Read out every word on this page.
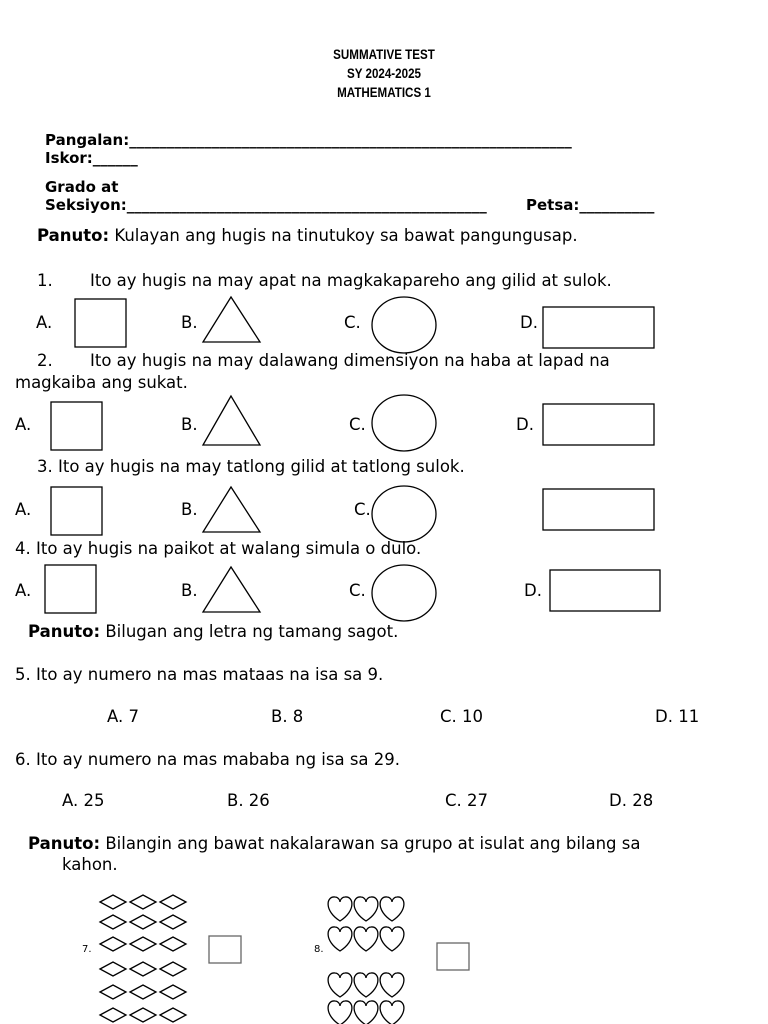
SUMMATIVE TEST
SY 2024-2025
MATHEMATICS 1
Pangalan:___________________________________________________________
Iskor:______
Grado at
Seksiyon:________________________________________________	Petsa:__________
Panuto: Kulayan ang hugis na tinutukoy sa bawat pangungusap.
1. Ito ay hugis na may apat na magkakapareho ang gilid at sulok.
A.	B.	C.	D.
2. Ito ay hugis na may dalawang dimensiyon na haba at lapad na
magkaiba ang sukat.
A.	B.	C.	D.
3. Ito ay hugis na may tatlong gilid at tatlong sulok.
A.	B.	C.
4. Ito ay hugis na paikot at walang simula o dulo.
A.	B.	C.	D.
Panuto: Bilugan ang letra ng tamang sagot.
5. Ito ay numero na mas mataas na isa sa 9.
A. 7	B. 8	C. 10	D. 11
6. Ito ay numero na mas mababa ng isa sa 29.
A. 25	B. 26	C. 27	D. 28
Panuto: Bilangin ang bawat nakalarawan sa grupo at isulat ang bilang sa
kahon.
7.	8.
